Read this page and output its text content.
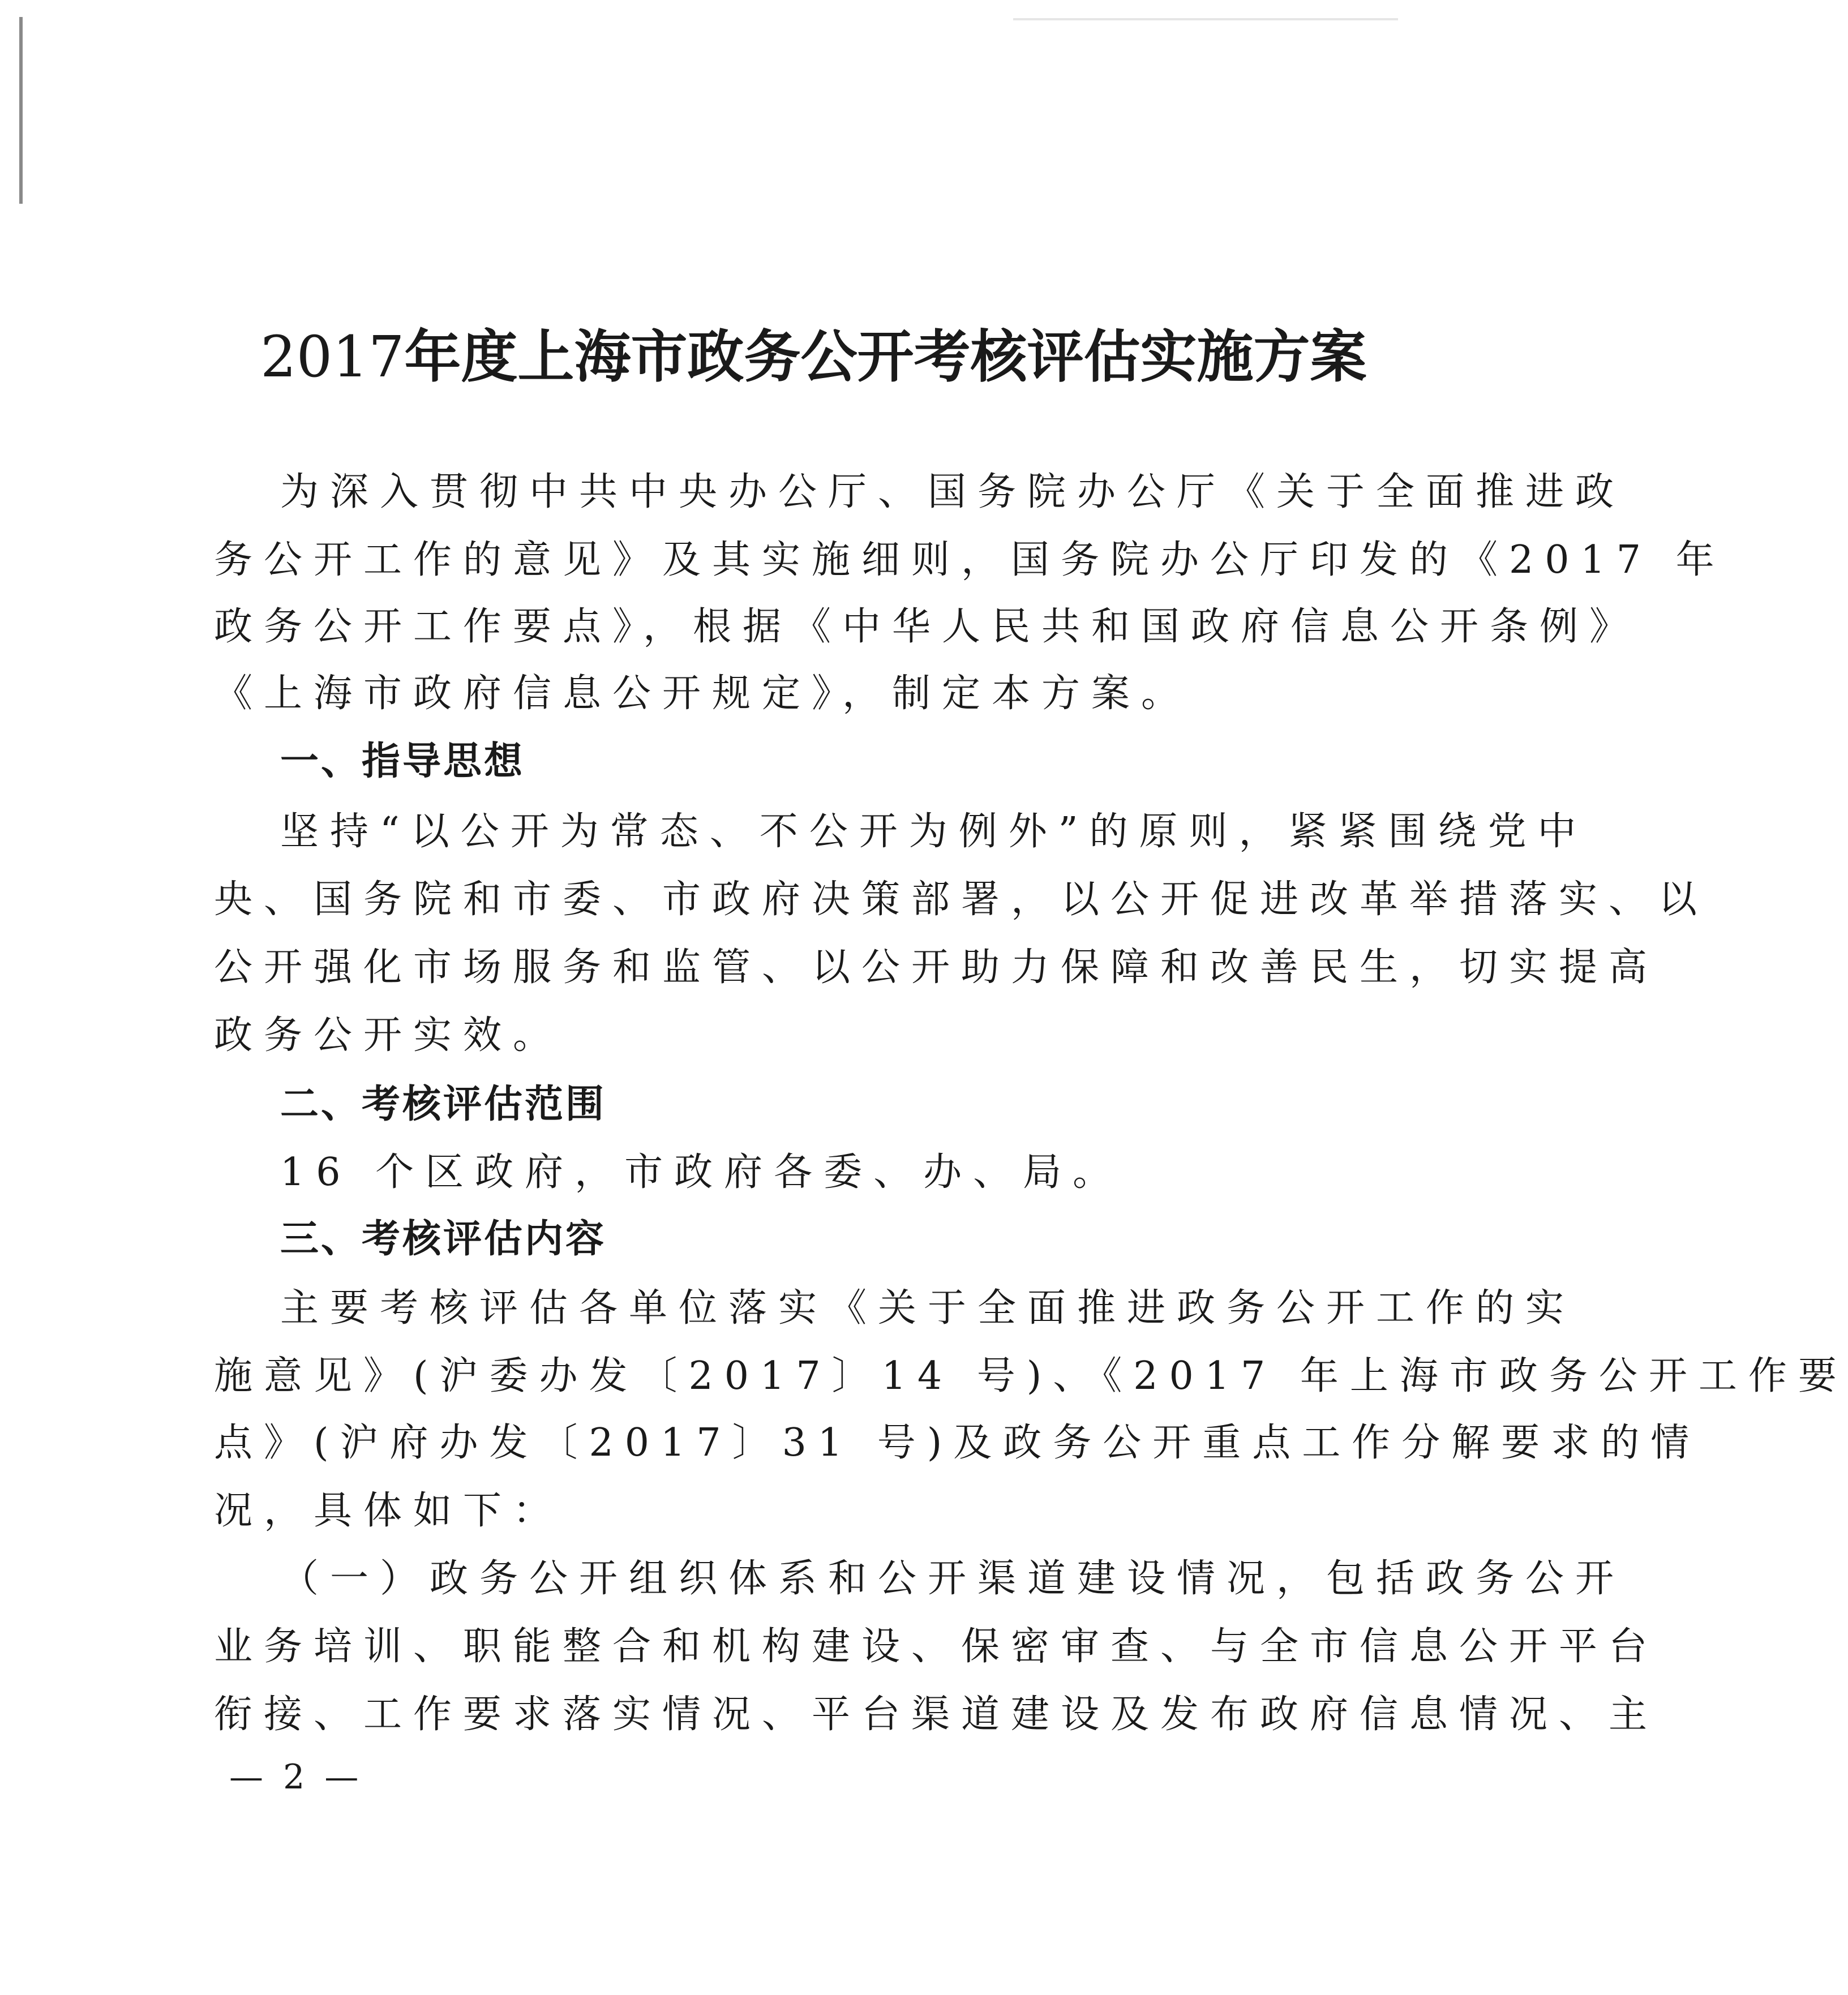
2017年度上海市政务公开考核评估实施方案
为深入贯彻中共中央办公厅、国务院办公厅《关于全面推进政
务公开工作的意见》及其实施细则，国务院办公厅印发的《2017 年
政务公开工作要点》，根据《中华人民共和国政府信息公开条例》
《上海市政府信息公开规定》，制定本方案。
一、指导思想
坚持“以公开为常态、不公开为例外”的原则，紧紧围绕党中
央、国务院和市委、市政府决策部署，以公开促进改革举措落实、以
公开强化市场服务和监管、以公开助力保障和改善民生，切实提高
政务公开实效。
二、考核评估范围
16 个区政府，市政府各委、办、局。
三、考核评估内容
主要考核评估各单位落实《关于全面推进政务公开工作的实
施意见》(沪委办发〔2017〕14 号)、《2017 年上海市政务公开工作要
点》(沪府办发〔2017〕31 号)及政务公开重点工作分解要求的情
况，具体如下：
（一）政务公开组织体系和公开渠道建设情况，包括政务公开
业务培训、职能整合和机构建设、保密审查、与全市信息公开平台
衔接、工作要求落实情况、平台渠道建设及发布政府信息情况、主
— 2 —
